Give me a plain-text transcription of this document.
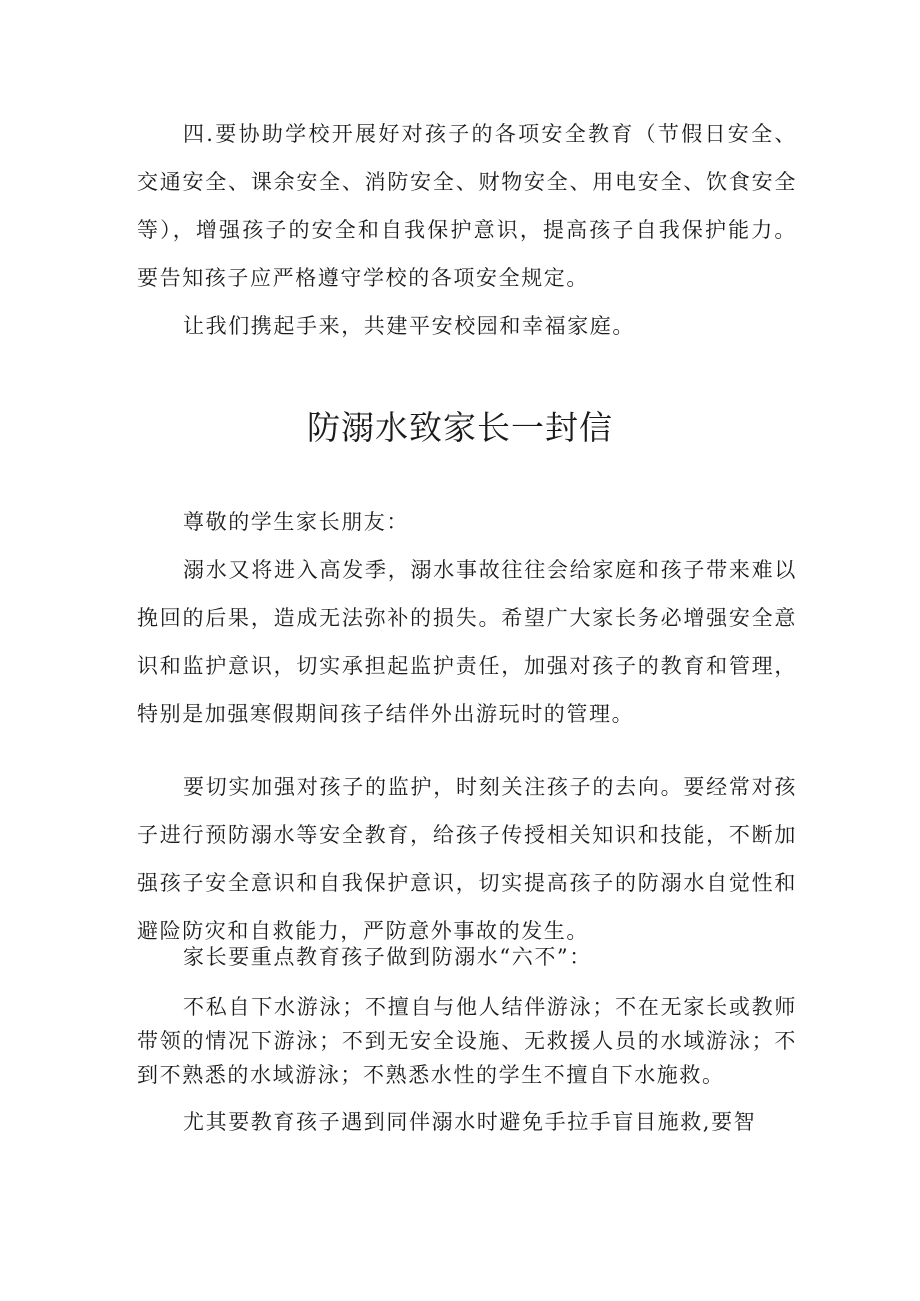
四.要协助学校开展好对孩子的各项安全教育（节假日安全、交通安全、课余安全、消防安全、财物安全、用电安全、饮食安全等），增强孩子的安全和自我保护意识，提高孩子自我保护能力。要告知孩子应严格遵守学校的各项安全规定。

让我们携起手来，共建平安校园和幸福家庭。

防溺水致家长一封信

尊敬的学生家长朋友：

溺水又将进入高发季，溺水事故往往会给家庭和孩子带来难以挽回的后果，造成无法弥补的损失。希望广大家长务必增强安全意识和监护意识，切实承担起监护责任，加强对孩子的教育和管理，特别是加强寒假期间孩子结伴外出游玩时的管理。

要切实加强对孩子的监护，时刻关注孩子的去向。要经常对孩子进行预防溺水等安全教育，给孩子传授相关知识和技能，不断加强孩子安全意识和自我保护意识，切实提高孩子的防溺水自觉性和避险防灾和自救能力，严防意外事故的发生。

家长要重点教育孩子做到防溺水“六不”：

不私自下水游泳；不擅自与他人结伴游泳；不在无家长或教师带领的情况下游泳；不到无安全设施、无救援人员的水域游泳；不到不熟悉的水域游泳；不熟悉水性的学生不擅自下水施救。

尤其要教育孩子遇到同伴溺水时避免手拉手盲目施救,要智
